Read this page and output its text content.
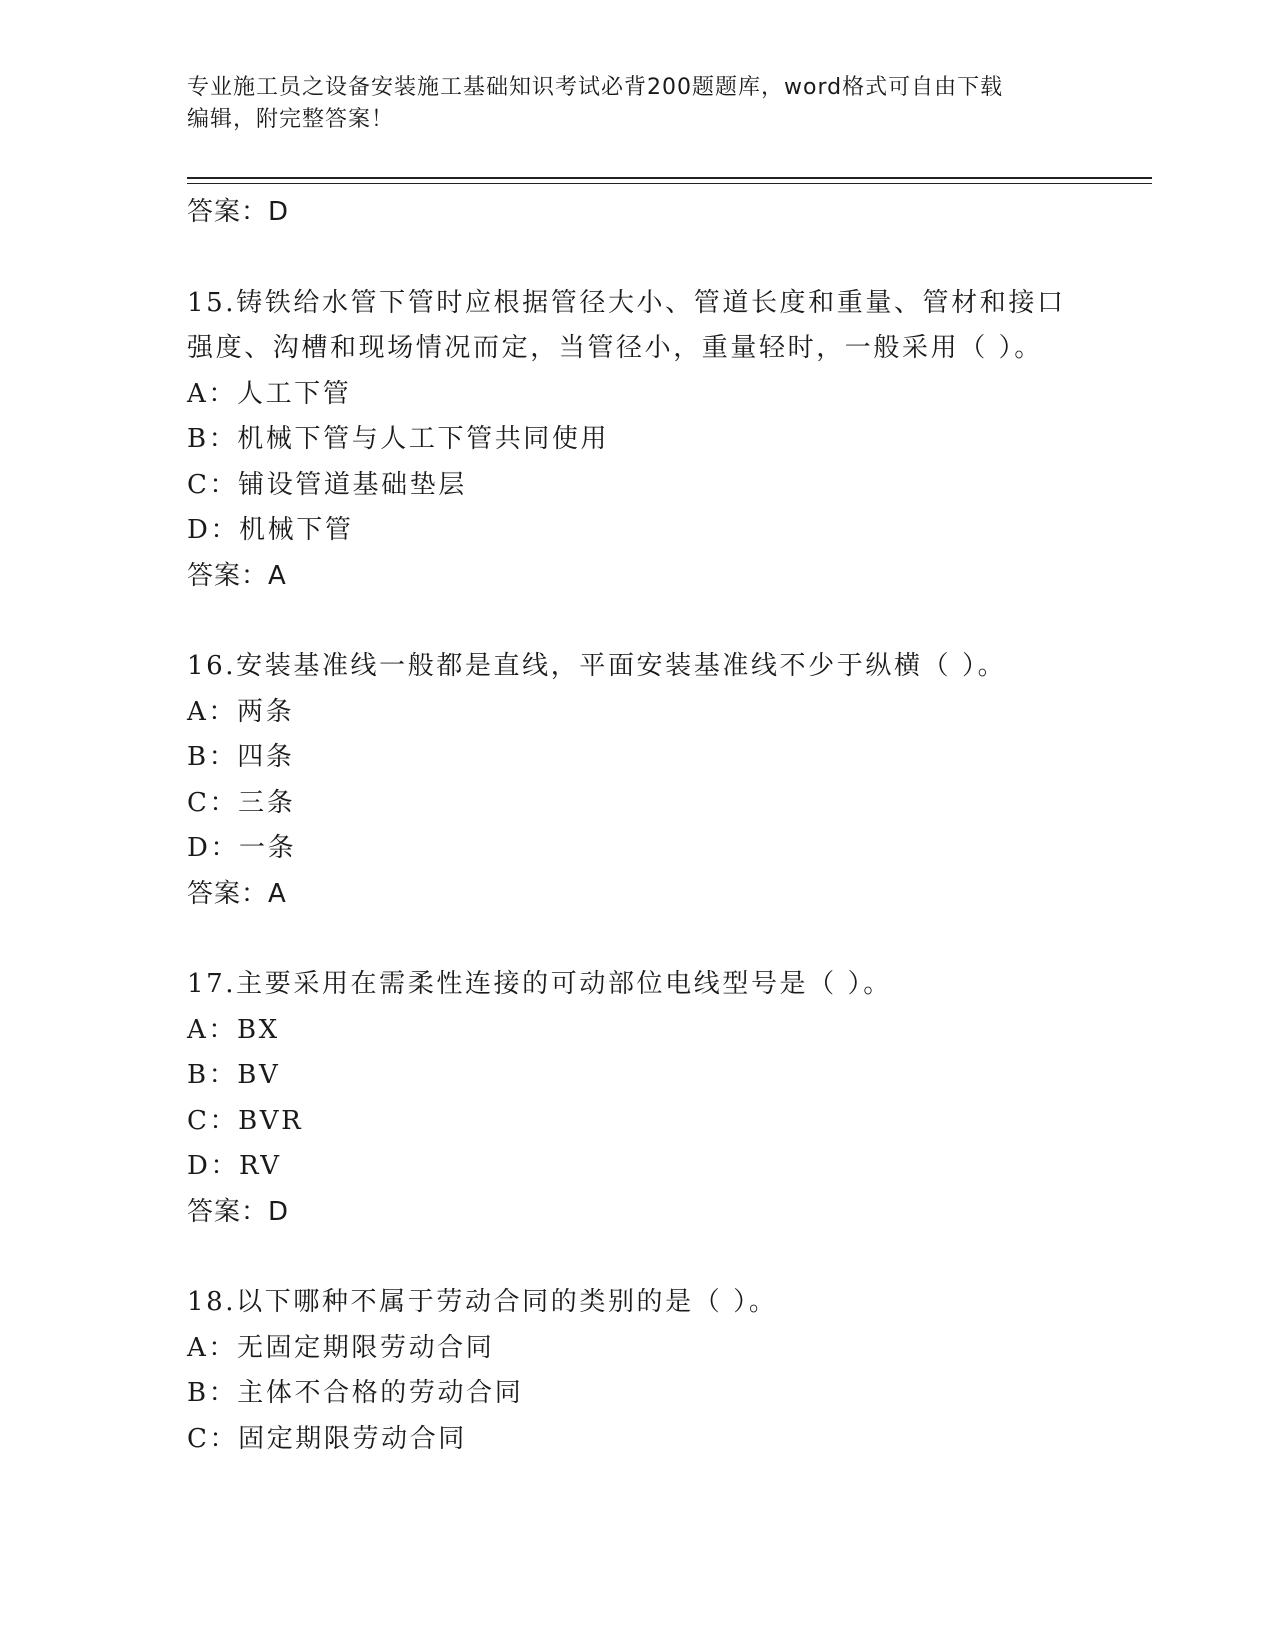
专业施工员之设备安装施工基础知识考试必背200题题库，word格式可自由下载
编辑，附完整答案！
答案：D
15.铸铁给水管下管时应根据管径大小、管道长度和重量、管材和接口
强度、沟槽和现场情况而定，当管径小，重量轻时，一般采用（ ）。
A：人工下管
B：机械下管与人工下管共同使用
C：铺设管道基础垫层
D：机械下管
答案：A
16.安装基准线一般都是直线，平面安装基准线不少于纵横（ ）。
A：两条
B：四条
C：三条
D：一条
答案：A
17.主要采用在需柔性连接的可动部位电线型号是（ ）。
A：BX
B：BV
C：BVR
D：RV
答案：D
18.以下哪种不属于劳动合同的类别的是（ ）。
A：无固定期限劳动合同
B：主体不合格的劳动合同
C：固定期限劳动合同
